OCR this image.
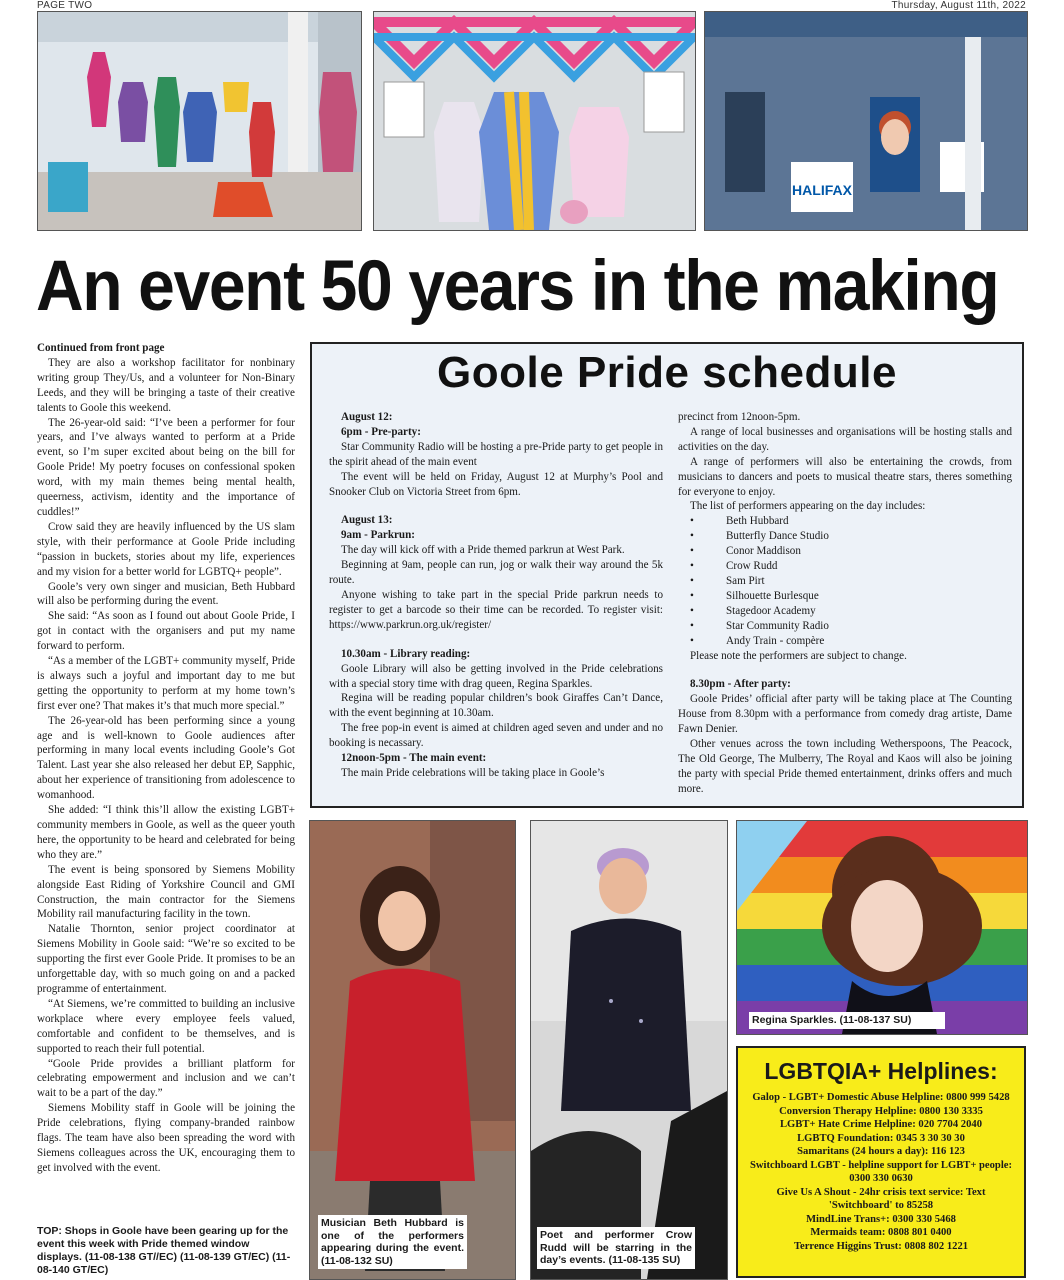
PAGE TWO	Thursday, August 11th, 2022
HALIFAX
An event 50 years in the making

Continued from front page

They are also a workshop facilitator for nonbinary writing group They/Us, and a volunteer for Non-Binary Leeds, and they will be bringing a taste of their creative talents to Goole this weekend.

The 26-year-old said: “I’ve been a performer for four years, and I’ve always wanted to perform at a Pride event, so I’m super excited about being on the bill for Goole Pride! My poetry focuses on confessional spoken word, with my main themes being mental health, queerness, activism, identity and the importance of cuddles!”

Crow said they are heavily influenced by the US slam style, with their performance at Goole Pride including “passion in buckets, stories about my life, experiences and my vision for a better world for LGBTQ+ people”.

Goole’s very own singer and musician, Beth Hubbard will also be performing during the event.

She said: “As soon as I found out about Goole Pride, I got in contact with the organisers and put my name forward to perform.

“As a member of the LGBT+ community myself, Pride is always such a joyful and important day to me but getting the opportunity to perform at my home town’s first ever one? That makes it’s that much more special.”

The 26-year-old has been performing since a young age and is well-known to Goole audiences after performing in many local events including Goole’s Got Talent. Last year she also released her debut EP, Sapphic, about her experience of transitioning from adolescence to womanhood.

She added: “I think this’ll allow the existing LGBT+ community members in Goole, as well as the queer youth here, the opportunity to be heard and celebrated for being who they are.”

The event is being sponsored by Siemens Mobility alongside East Riding of Yorkshire Council and GMI Construction, the main contractor for the Siemens Mobility rail manufacturing facility in the town.

Natalie Thornton, senior project coordinator at Siemens Mobility in Goole said: “We’re so excited to be supporting the first ever Goole Pride. It promises to be an unforgettable day, with so much going on and a packed programme of entertainment.

“At Siemens, we’re committed to building an inclusive workplace where every employee feels valued, comfortable and confident to be themselves, and is supported to reach their full potential.

“Goole Pride provides a brilliant platform for celebrating empowerment and inclusion and we can’t wait to be a part of the day.”

Siemens Mobility staff in Goole will be joining the Pride celebrations, flying company-branded rainbow flags. The team have also been spreading the word with Siemens colleagues across the UK, encouraging them to get involved with the event.

TOP: Shops in Goole have been gearing up for the event this week with Pride themed window displays. (11-08-138 GT//EC) (11-08-139 GT/EC) (11-08-140 GT/EC)
Goole Pride schedule

August 12:

6pm - Pre-party:

Star Community Radio will be hosting a pre-Pride party to get people in the spirit ahead of the main event

The event will be held on Friday, August 12 at Murphy’s Pool and Snooker Club on Victoria Street from 6pm.

August 13:

9am - Parkrun:

The day will kick off with a Pride themed parkrun at West Park.

Beginning at 9am, people can run, jog or walk their way around the 5k route.

Anyone wishing to take part in the special Pride parkrun needs to register to get a barcode so their time can be recorded. To register visit: https://www.parkrun.org.uk/register/

10.30am - Library reading:

Goole Library will also be getting involved in the Pride celebrations with a special story time with drag queen, Regina Sparkles.

Regina will be reading popular children’s book Giraffes Can’t Dance, with the event beginning at 10.30am.

The free pop-in event is aimed at children aged seven and under and no booking is necassary.

12noon-5pm - The main event:

The main Pride celebrations will be taking place in Goole’s

precinct from 12noon-5pm.

A range of local businesses and organisations will be hosting stalls and activities on the day.

A range of performers will also be entertaining the crowds, from musicians to dancers and poets to musical theatre stars, theres something for everyone to enjoy.

The list of performers appearing on the day includes:

• Beth Hubbard
• Butterfly Dance Studio
• Conor Maddison
• Crow Rudd
• Sam Pirt
• Silhouette Burlesque
• Stagedoor Academy
• Star Community Radio
• Andy Train - compère

Please note the performers are subject to change.

8.30pm - After party:

Goole Prides’ official after party will be taking place at The Counting House from 8.30pm with a performance from comedy drag artiste, Dame Fawn Denier.

Other venues across the town including Wetherspoons, The Peacock, The Old George, The Mulberry, The Royal and Kaos will also be joining the party with special Pride themed entertainment, drinks offers and much more.

Musician Beth Hubbard is one of the performers appearing during the event. (11-08-132 SU)
Poet and performer Crow Rudd will be starring in the day’s events. (11-08-135 SU)
Regina Sparkles. (11-08-137 SU)
LGBTQIA+ Helplines:
Galop - LGBT+ Domestic Abuse Helpline: 0800 999 5428
Conversion Therapy Helpline: 0800 130 3335
LGBT+ Hate Crime Helpline: 020 7704 2040
LGBTQ Foundation: 0345 3 30 30 30
Samaritans (24 hours a day): 116 123
Switchboard LGBT - helpline support for LGBT+ people: 0300 330 0630
Give Us A Shout - 24hr crisis text service: Text 'Switchboard' to 85258
MindLine Trans+: 0300 330 5468
Mermaids team: 0808 801 0400
Terrence Higgins Trust: 0808 802 1221
